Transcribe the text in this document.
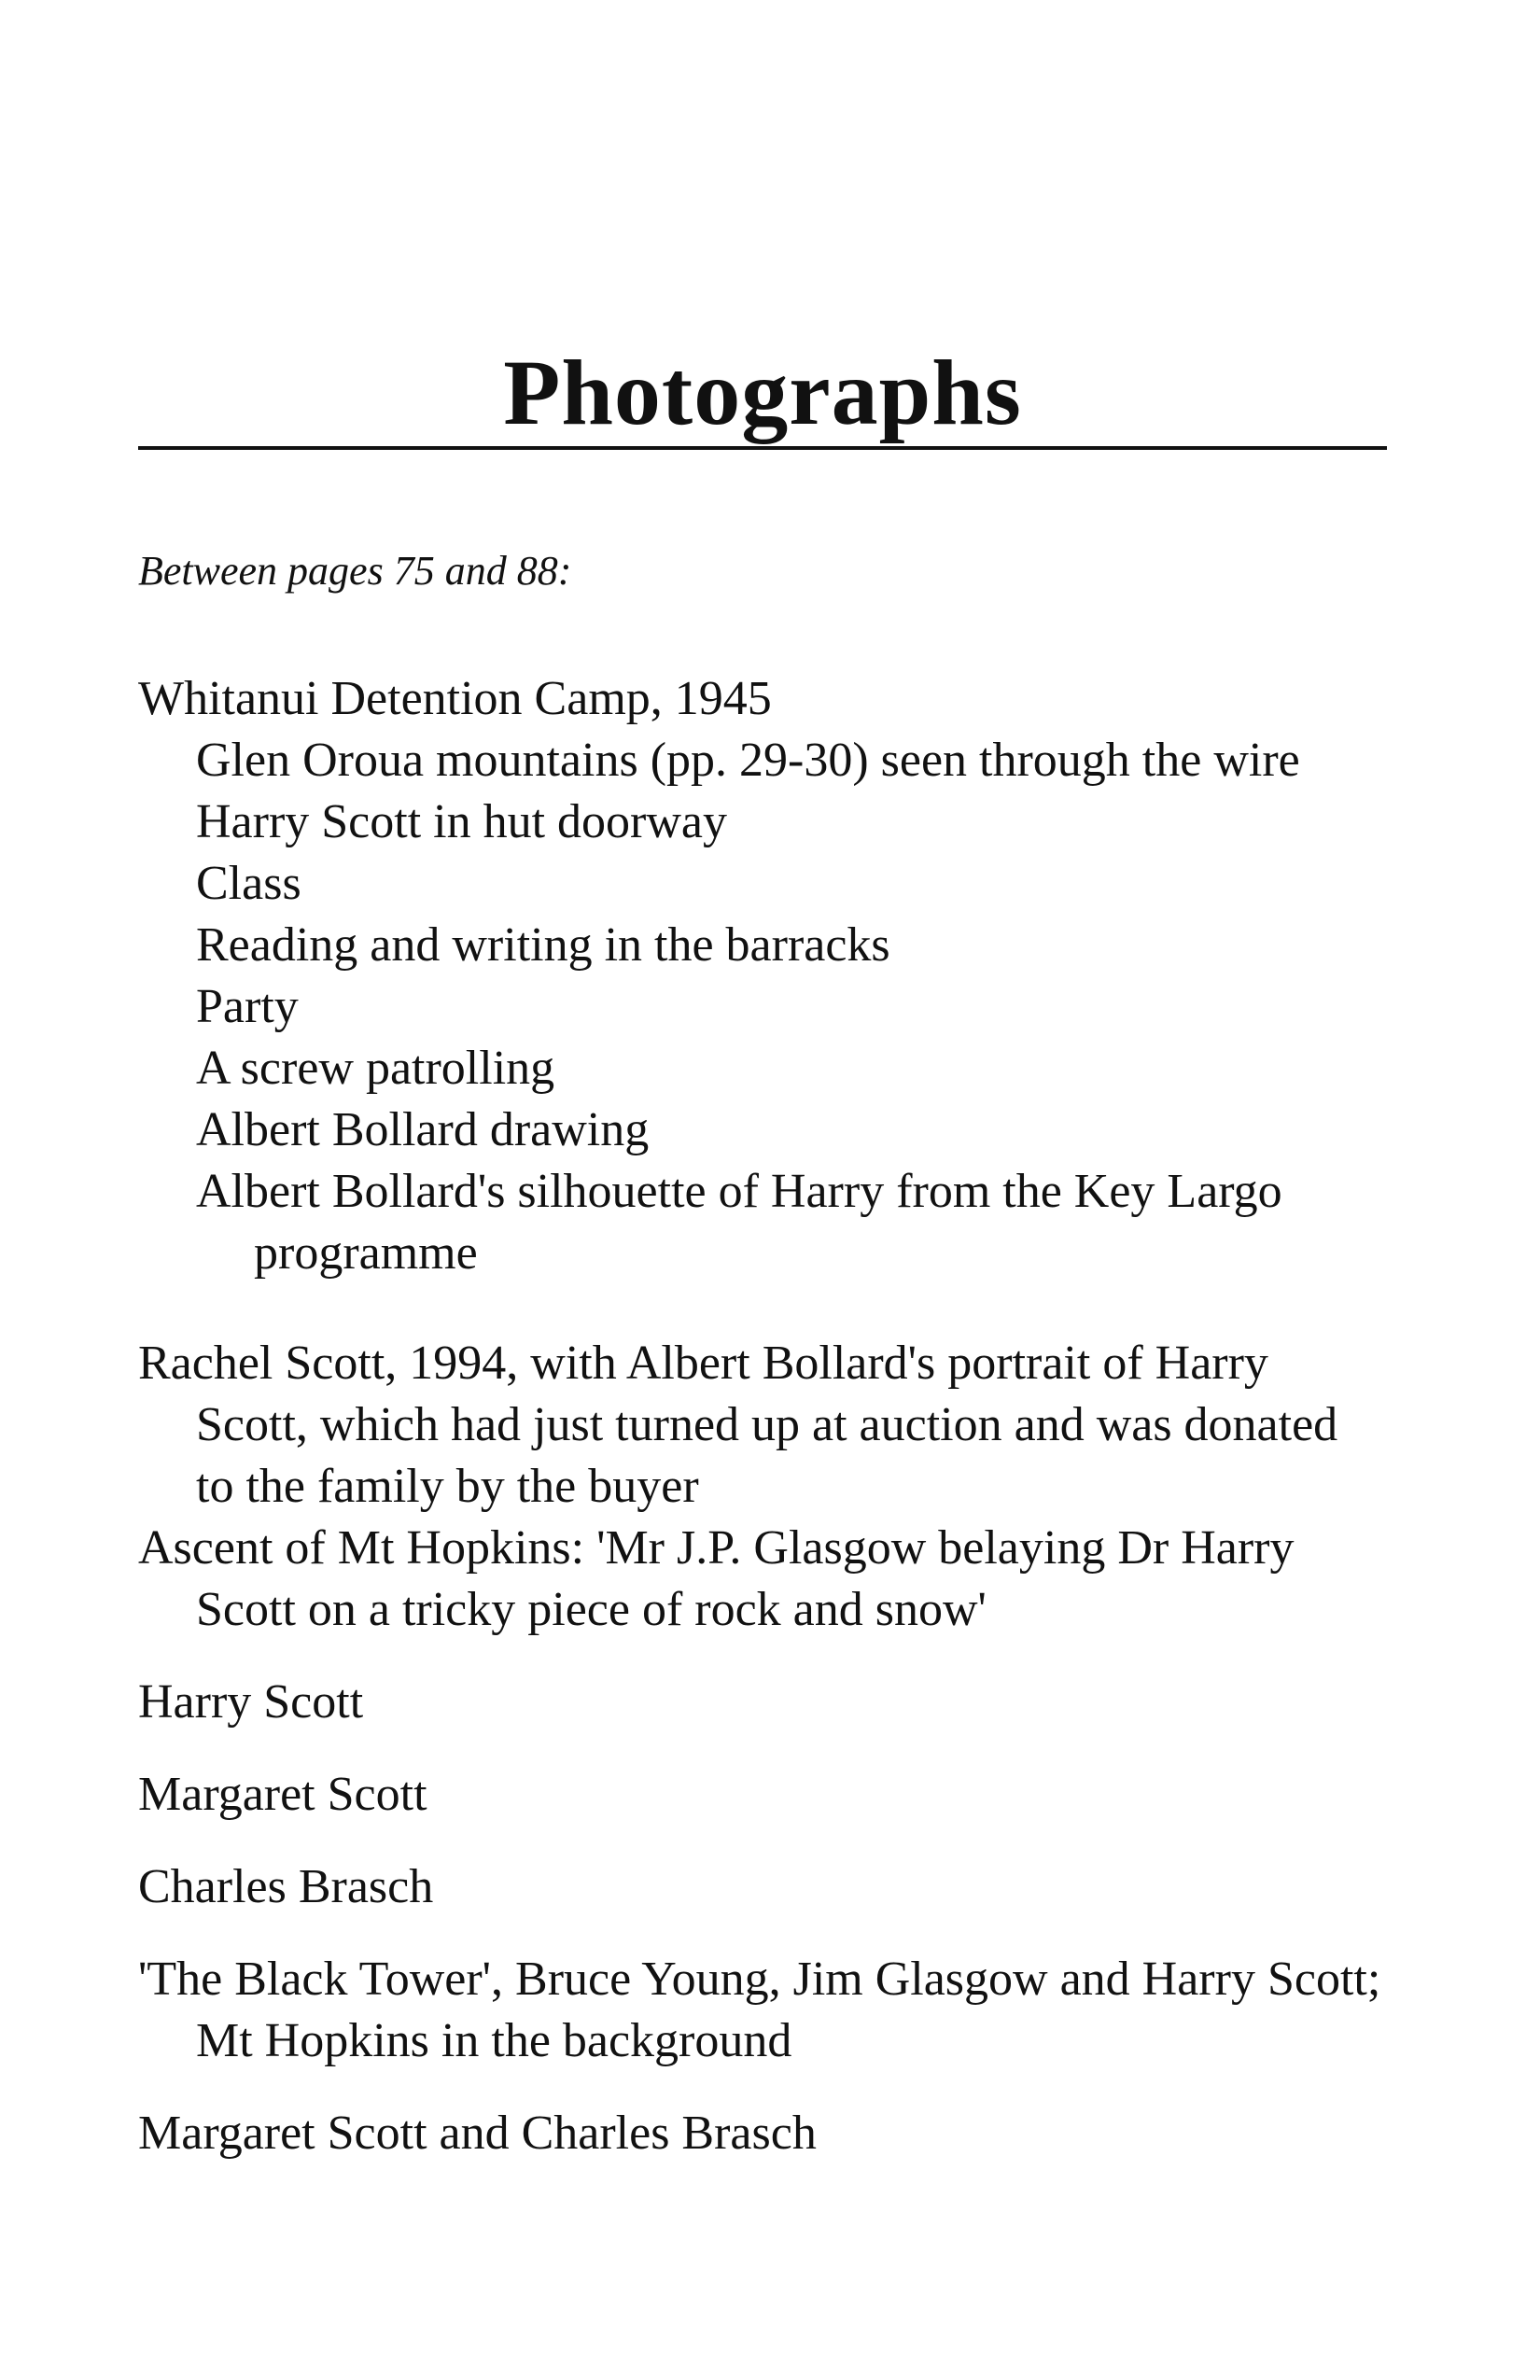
Photographs

Between pages 75 and 88:

Whitanui Detention Camp, 1945

Glen Oroua mountains (pp. 29-30) seen through the wire

Harry Scott in hut doorway

Class

Reading and writing in the barracks

Party

A screw patrolling

Albert Bollard drawing

Albert Bollard's silhouette of Harry from the Key Largo programme

Rachel Scott, 1994, with Albert Bollard's portrait of Harry Scott, which had just turned up at auction and was donated to the family by the buyer

Ascent of Mt Hopkins: 'Mr J.P. Glasgow belaying Dr Harry Scott on a tricky piece of rock and snow'

Harry Scott

Margaret Scott

Charles Brasch

'The Black Tower', Bruce Young, Jim Glasgow and Harry Scott; Mt Hopkins in the background

Margaret Scott and Charles Brasch
